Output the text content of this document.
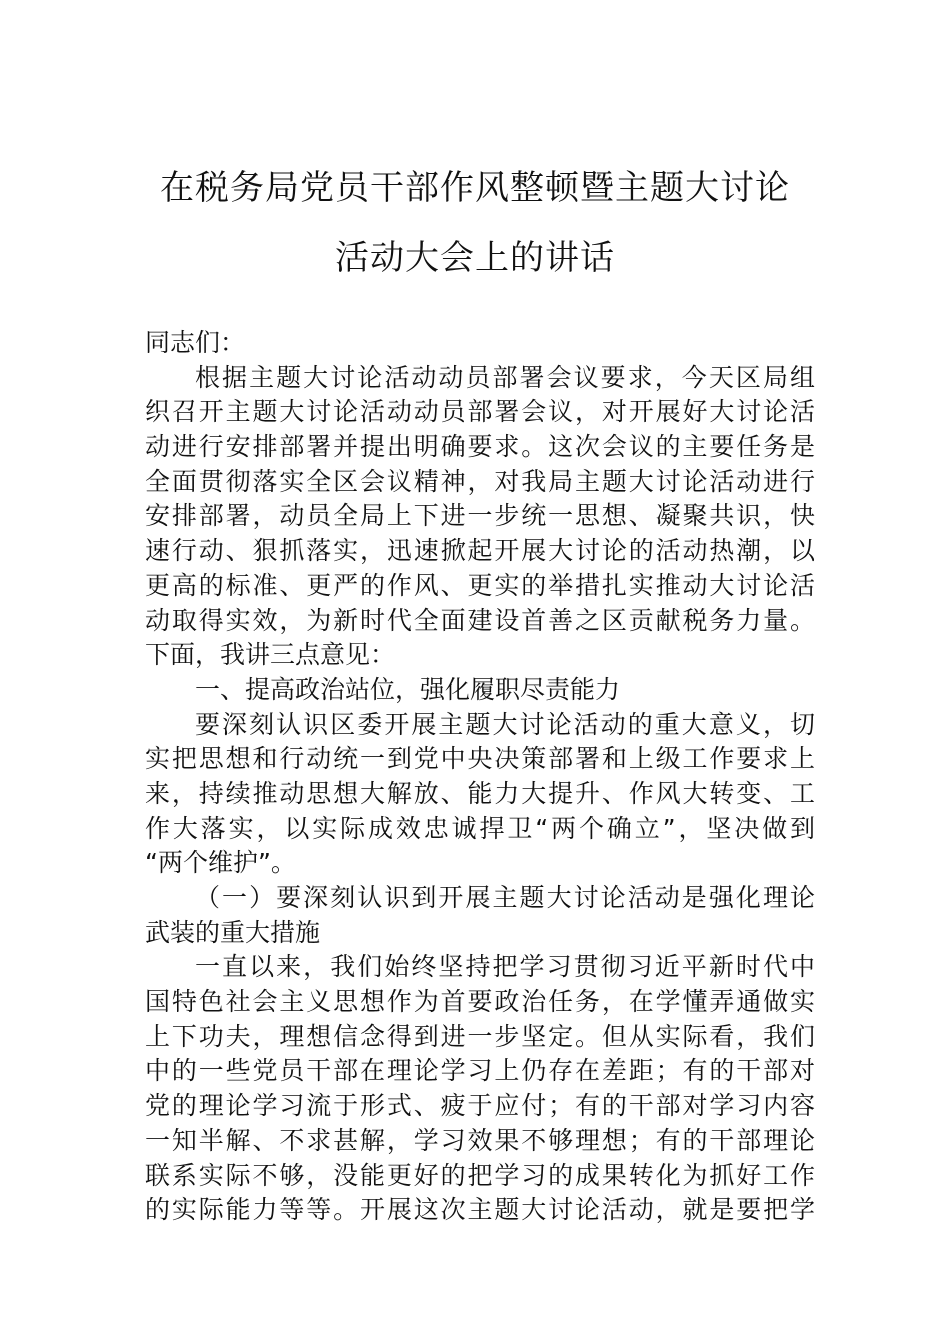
在税务局党员干部作风整顿暨主题大讨论
活动大会上的讲话
同志们：
根据主题大讨论活动动员部署会议要求，今天区局组
织召开主题大讨论活动动员部署会议，对开展好大讨论活
动进行安排部署并提出明确要求。这次会议的主要任务是
全面贯彻落实全区会议精神，对我局主题大讨论活动进行
安排部署，动员全局上下进一步统一思想、凝聚共识，快
速行动、狠抓落实，迅速掀起开展大讨论的活动热潮，以
更高的标准、更严的作风、更实的举措扎实推动大讨论活
动取得实效，为新时代全面建设首善之区贡献税务力量。
下面，我讲三点意见：
一、提高政治站位，强化履职尽责能力
要深刻认识区委开展主题大讨论活动的重大意义，切
实把思想和行动统一到党中央决策部署和上级工作要求上
来，持续推动思想大解放、能力大提升、作风大转变、工
作大落实，以实际成效忠诚捍卫“两个确立”，坚决做到
“两个维护”。
（一）要深刻认识到开展主题大讨论活动是强化理论
武装的重大措施
一直以来，我们始终坚持把学习贯彻习近平新时代中
国特色社会主义思想作为首要政治任务，在学懂弄通做实
上下功夫，理想信念得到进一步坚定。但从实际看，我们
中的一些党员干部在理论学习上仍存在差距；有的干部对
党的理论学习流于形式、疲于应付；有的干部对学习内容
一知半解、不求甚解，学习效果不够理想；有的干部理论
联系实际不够，没能更好的把学习的成果转化为抓好工作
的实际能力等等。开展这次主题大讨论活动，就是要把学
